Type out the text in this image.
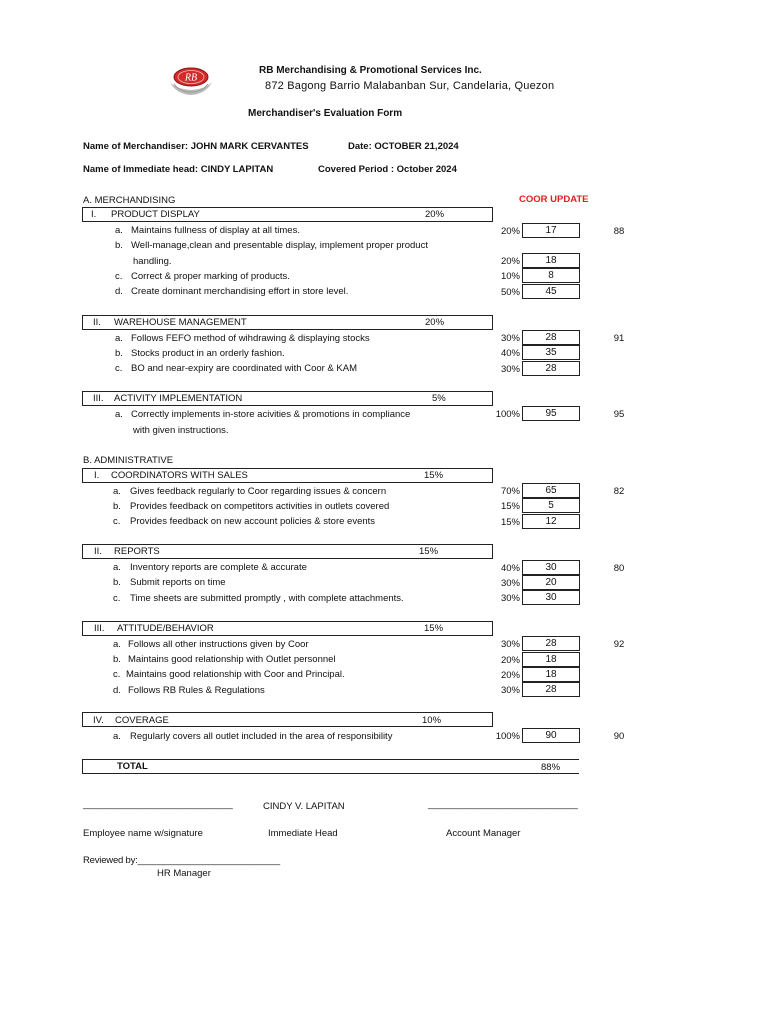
RB
RB Merchandising & Promotional Services Inc.
872 Bagong Barrio Malabanban Sur, Candelaria, Quezon
Merchandiser's Evaluation Form
Name of Merchandiser: JOHN MARK CERVANTES	Date: OCTOBER 21,2024
Name of Immediate head: CINDY LAPITAN	Covered Period : October 2024
A. MERCHANDISING	COOR UPDATE
I. PRODUCT DISPLAY	20%
a. Maintains fullness of display at all times.	20%	17	88
b. Well-manage,clean and presentable display, implement proper product
handling.	20%	18
c. Correct & proper marking of products.	10%	8
d. Create dominant merchandising effort in store level.	50%	45
II. WAREHOUSE MANAGEMENT	20%
a. Follows FEFO method of wihdrawing & displaying stocks	30%	28	91
b. Stocks product in an orderly fashion.	40%	35
c. BO and near-expiry are coordinated with Coor & KAM	30%	28
III. ACTIVITY IMPLEMENTATION	5%
a. Correctly implements in-store acivities & promotions in compliance
with given instructions.
100%	95	95
B. ADMINISTRATIVE
I. COORDINATORS WITH SALES	15%
a. Gives feedback regularly to Coor regarding issues & concern	70%	65	82
b. Provides feedback on competitors activities in outlets covered	15%	5
c. Provides feedback on new account policies & store events	15%	12
II. REPORTS	15%
a. Inventory reports are complete & accurate	40%	30	80
b. Submit reports on time	30%	20
c. Time sheets are submitted promptly , with complete attachments.	30%	30
III. ATTITUDE/BEHAVIOR	15%
a. Follows all other instructions given by Coor	30%	28	92
b. Maintains good relationship with Outlet personnel	20%	18
c. Maintains good relationship with Coor and Principal.	20%	18
d. Follows RB Rules & Regulations	30%	28
IV. COVERAGE	10%
a. Regularly covers all outlet included in the area of responsibility	100%	90	90
TOTAL	88%
______________________________	CINDY V. LAPITAN	______________________________
Employee name w/signature	Immediate Head	Account Manager
Reviewed by:____________________________
HR Manager
